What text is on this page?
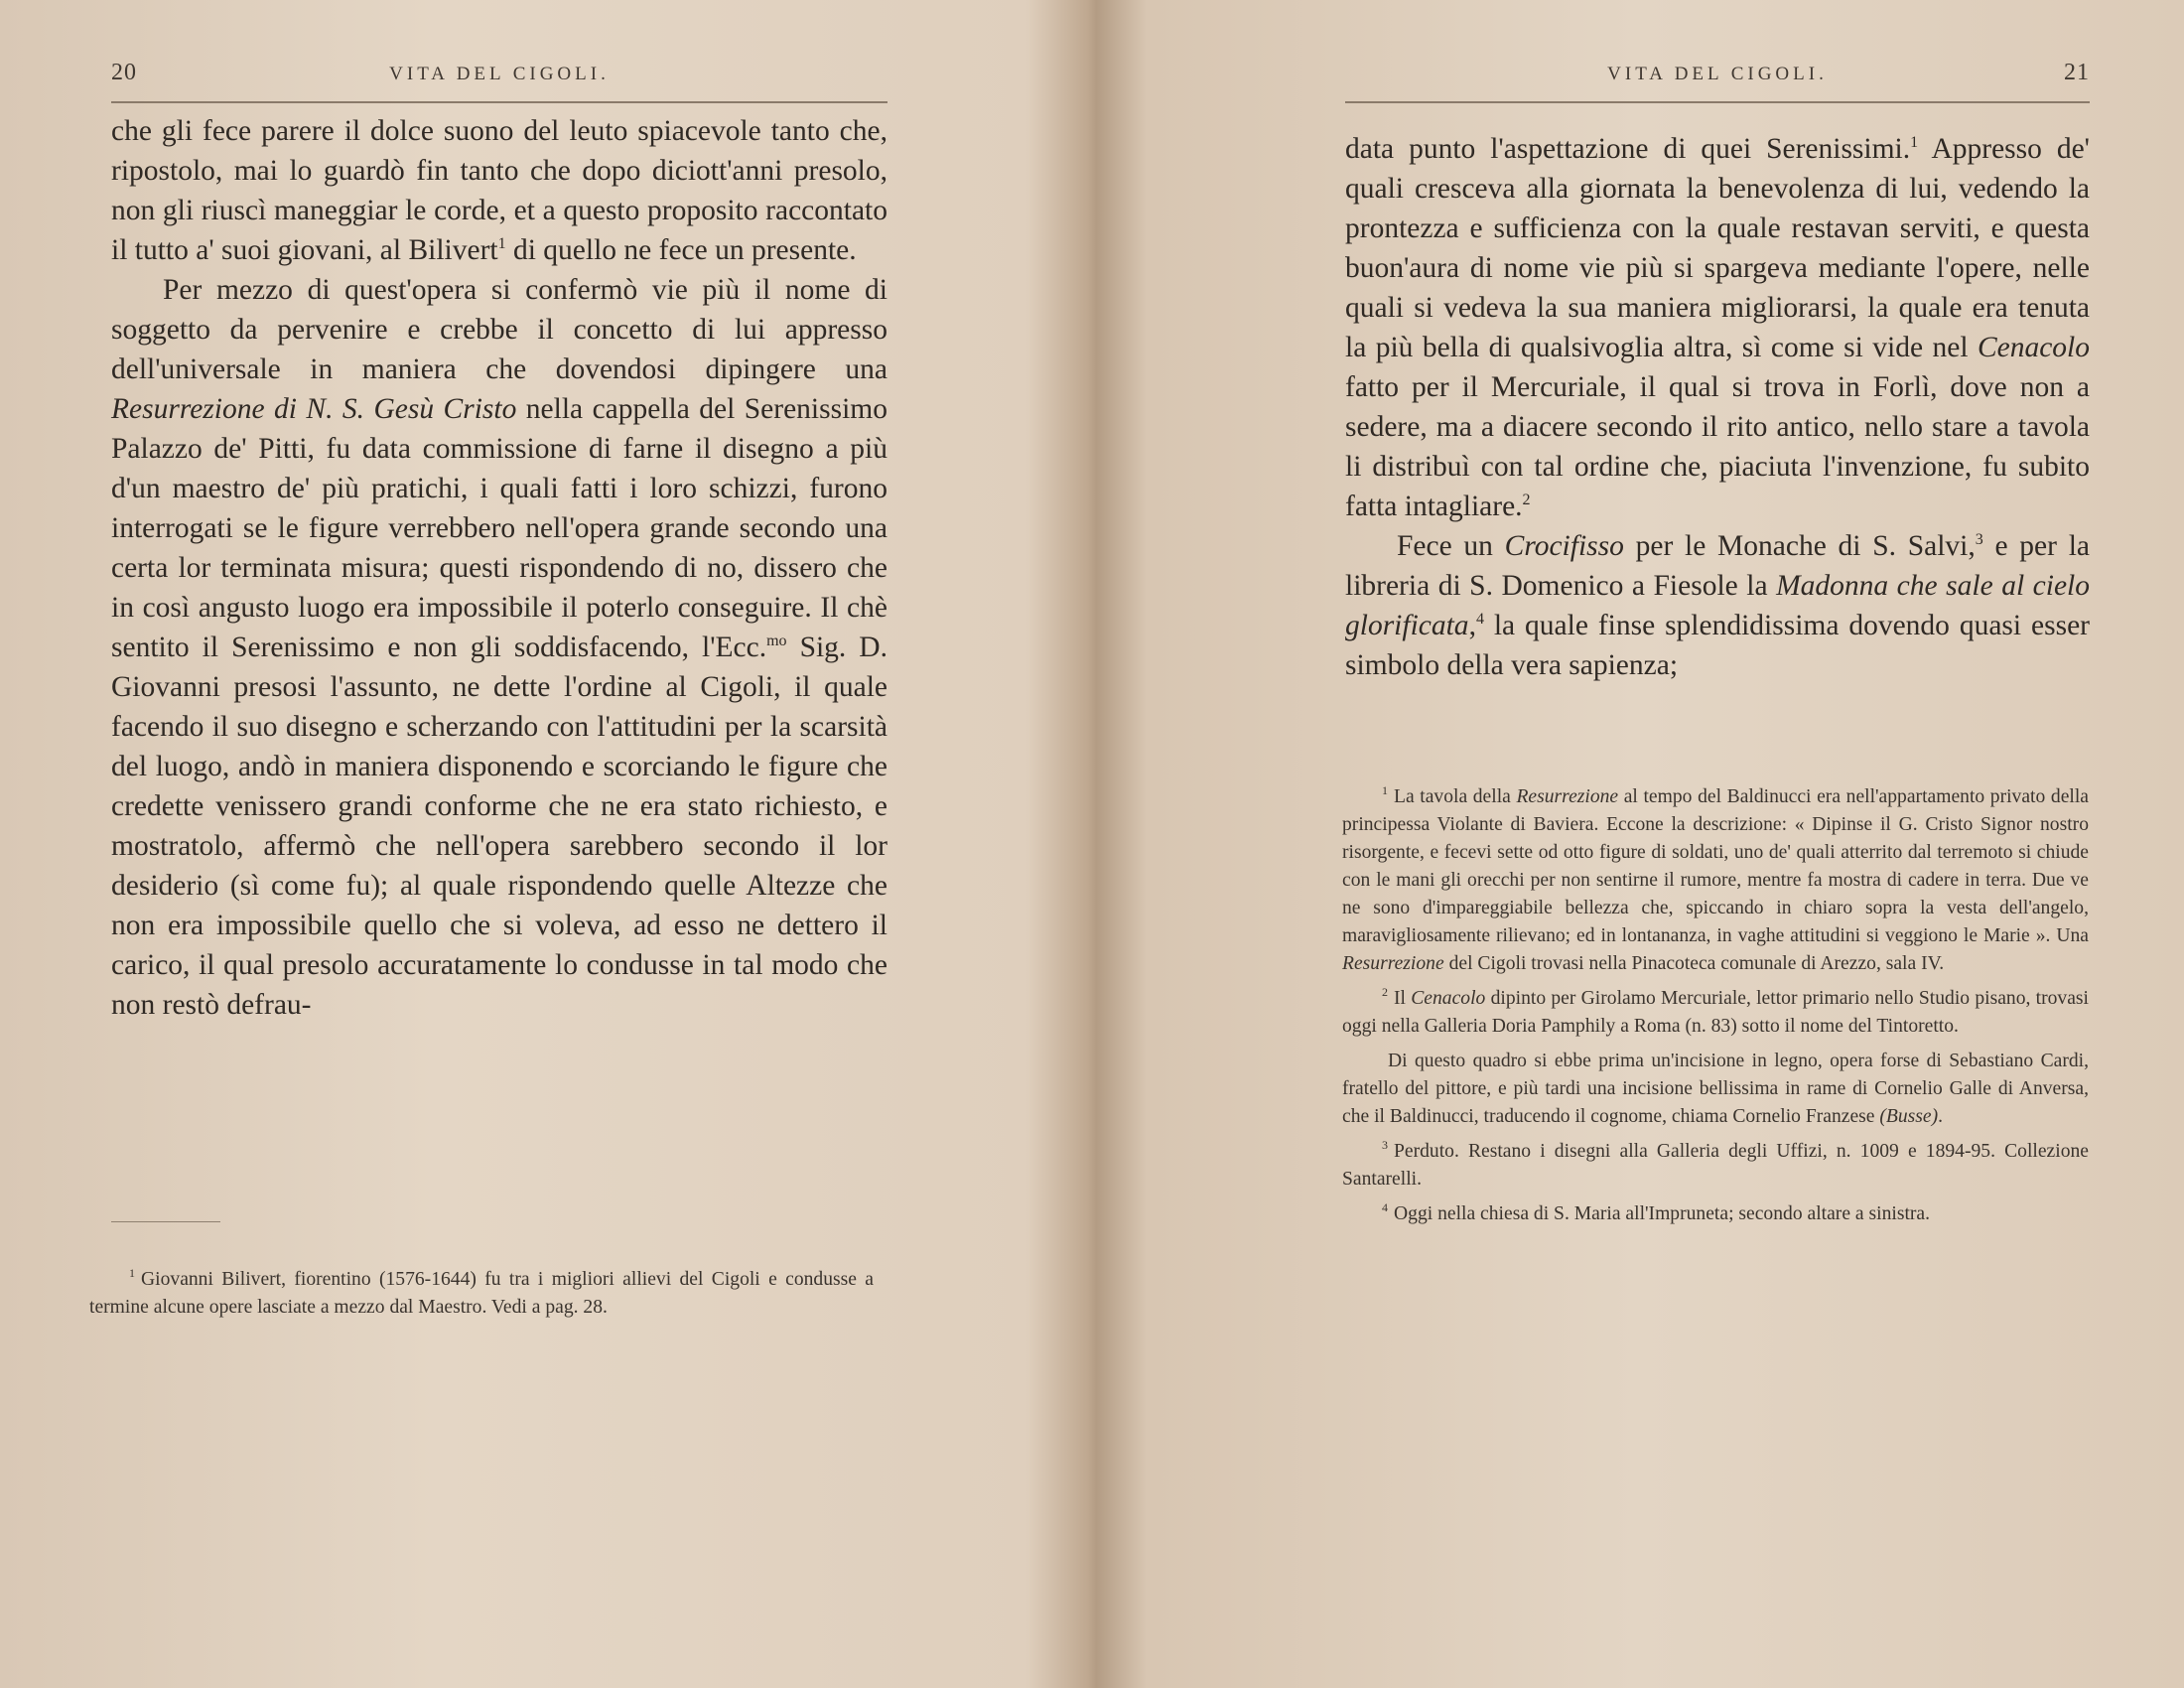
20	VITA DEL CIGOLI.

che gli fece parere il dolce suono del leuto spiacevole tanto che, ripostolo, mai lo guardò fin tanto che dopo diciott'anni presolo, non gli riuscì maneggiar le corde, et a questo proposito raccontato il tutto a' suoi giovani, al Bilivert$^1$ di quello ne fece un presente.

Per mezzo di quest'opera si confermò vie più il nome di soggetto da pervenire e crebbe il concetto di lui appresso dell'universale in maniera che dovendosi dipingere una Resurrezione di N. S. Gesù Cristo nella cappella del Serenissimo Palazzo de' Pitti, fu data commissione di farne il disegno a più d'un maestro de' più pratichi, i quali fatti i loro schizzi, furono interrogati se le figure verrebbero nell'opera grande secondo una certa lor terminata misura; questi rispondendo di no, dissero che in così angusto luogo era impossibile il poterlo conseguire. Il chè sentito il Serenissimo e non gli soddisfacendo, l'Ecc.$^{mo}$ Sig. D. Giovanni presosi l'assunto, ne dette l'ordine al Cigoli, il quale facendo il suo disegno e scherzando con l'attitudini per la scarsità del luogo, andò in maniera disponendo e scorciando le figure che credette venissero grandi conforme che ne era stato richiesto, e mostratolo, affermò che nell'opera sarebbero secondo il lor desiderio (sì come fu); al quale rispondendo quelle Altezze che non era impossibile quello che si voleva, ad esso ne dettero il carico, il qual presolo accuratamente lo condusse in tal modo che non restò defrau-

$^1$ Giovanni Bilivert, fiorentino (1576-1644) fu tra i migliori allievi del Cigoli e condusse a termine alcune opere lasciate a mezzo dal Maestro. Vedi a pag. 28.

VITA DEL CIGOLI.	21

data punto l'aspettazione di quei Serenissimi.$^1$ Appresso de' quali cresceva alla giornata la benevolenza di lui, vedendo la prontezza e sufficienza con la quale restavan serviti, e questa buon'aura di nome vie più si spargeva mediante l'opere, nelle quali si vedeva la sua maniera migliorarsi, la quale era tenuta la più bella di qualsivoglia altra, sì come si vide nel Cenacolo fatto per il Mercuriale, il qual si trova in Forlì, dove non a sedere, ma a diacere secondo il rito antico, nello stare a tavola li distribuì con tal ordine che, piaciuta l'invenzione, fu subito fatta intagliare.$^2$

Fece un Crocifisso per le Monache di S. Salvi,$^3$ e per la libreria di S. Domenico a Fiesole la Madonna che sale al cielo glorificata,$^4$ la quale finse splendidissima dovendo quasi esser simbolo della vera sapienza;

$^1$ La tavola della Resurrezione al tempo del Baldinucci era nell'appartamento privato della principessa Violante di Baviera. Eccone la descrizione: « Dipinse il G. Cristo Signor nostro risorgente, e fecevi sette od otto figure di soldati, uno de' quali atterrito dal terremoto si chiude con le mani gli orecchi per non sentirne il rumore, mentre fa mostra di cadere in terra. Due ve ne sono d'impareggiabile bellezza che, spiccando in chiaro sopra la vesta dell'angelo, maravigliosamente rilievano; ed in lontananza, in vaghe attitudini si veggiono le Marie ». Una Resurrezione del Cigoli trovasi nella Pinacoteca comunale di Arezzo, sala IV.

$^2$ Il Cenacolo dipinto per Girolamo Mercuriale, lettor primario nello Studio pisano, trovasi oggi nella Galleria Doria Pamphily a Roma (n. 83) sotto il nome del Tintoretto.

Di questo quadro si ebbe prima un'incisione in legno, opera forse di Sebastiano Cardi, fratello del pittore, e più tardi una incisione bellissima in rame di Cornelio Galle di Anversa, che il Baldinucci, traducendo il cognome, chiama Cornelio Franzese (Busse).

$^3$ Perduto. Restano i disegni alla Galleria degli Uffizi, n. 1009 e 1894-95. Collezione Santarelli.

$^4$ Oggi nella chiesa di S. Maria all'Impruneta; secondo altare a sinistra.
